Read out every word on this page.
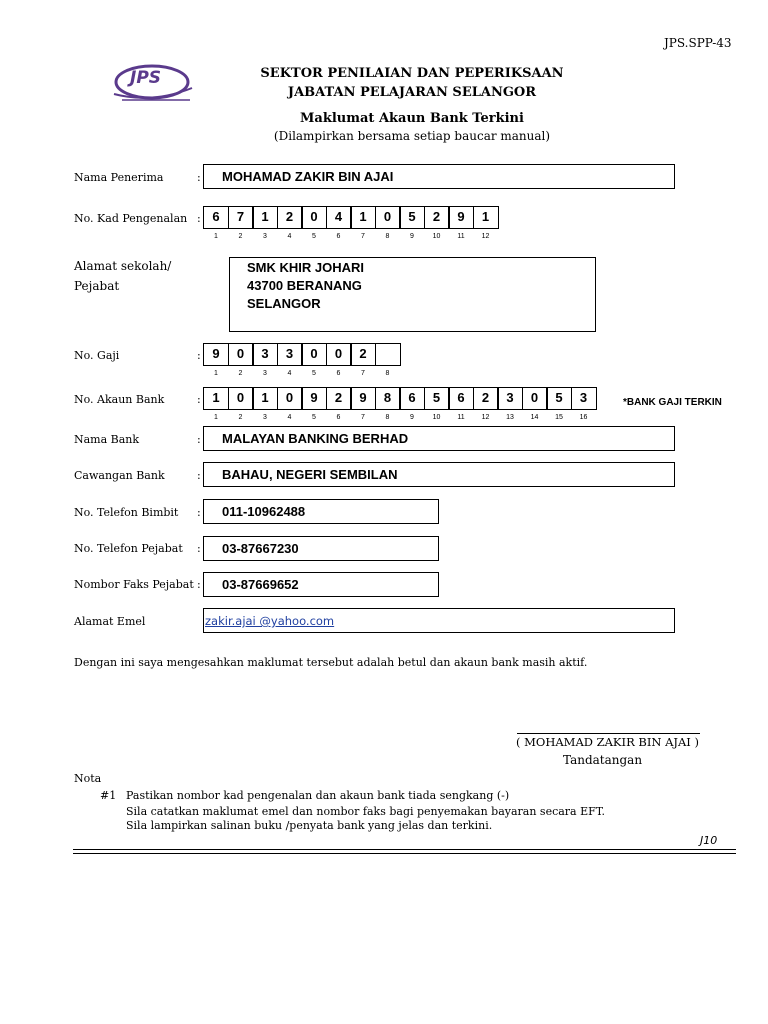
JPS.SPP-43
JPS	SEKTOR PENILAIAN DAN PEPERIKSAAN
JABATAN PELAJARAN SELANGOR
Maklumat Akaun Bank Terkini
(Dilampirkan bersama setiap baucar manual)
Nama Penerima	: MOHAMAD ZAKIR BIN AJAI
No. Kad Pengenalan : 6	7	1	2	0	4	1	0	5	2	9	1
1	2	3	4	5	6	7	8	9	10	11	12
Alamat sekolah/
Pejabat
SMK KHIR JOHARI
43700 BERANANG
SELANGOR
No. Gaji	: 9	0	3	3	0	0	2
1	2	3	4	5	6	7	8
No. Akaun Bank	: 1	0	1	0	9	2	9	8	6	5	6	2	3	0	5	3
1	2	3	4	5	6	7	8	9	10	11	12	13	14	15	16
*BANK GAJI TERKIN
Nama Bank	: MALAYAN BANKING BERHAD
Cawangan Bank	: BAHAU, NEGERI SEMBILAN
No. Telefon Bimbit : 011-10962488
No. Telefon Pejabat : 03-87667230
Nombor Faks Pejabat : 03-87669652
Alamat Emel	zakir.ajai @yahoo.com
Dengan ini saya mengesahkan maklumat tersebut adalah betul dan akaun bank masih aktif.
( MOHAMAD ZAKIR BIN AJAI )
Tandatangan
Nota
#1 Pastikan nombor kad pengenalan dan akaun bank tiada sengkang (-)
Sila catatkan maklumat emel dan nombor faks bagi penyemakan bayaran secara EFT.
Sila lampirkan salinan buku /penyata bank yang jelas dan terkini.
J10
